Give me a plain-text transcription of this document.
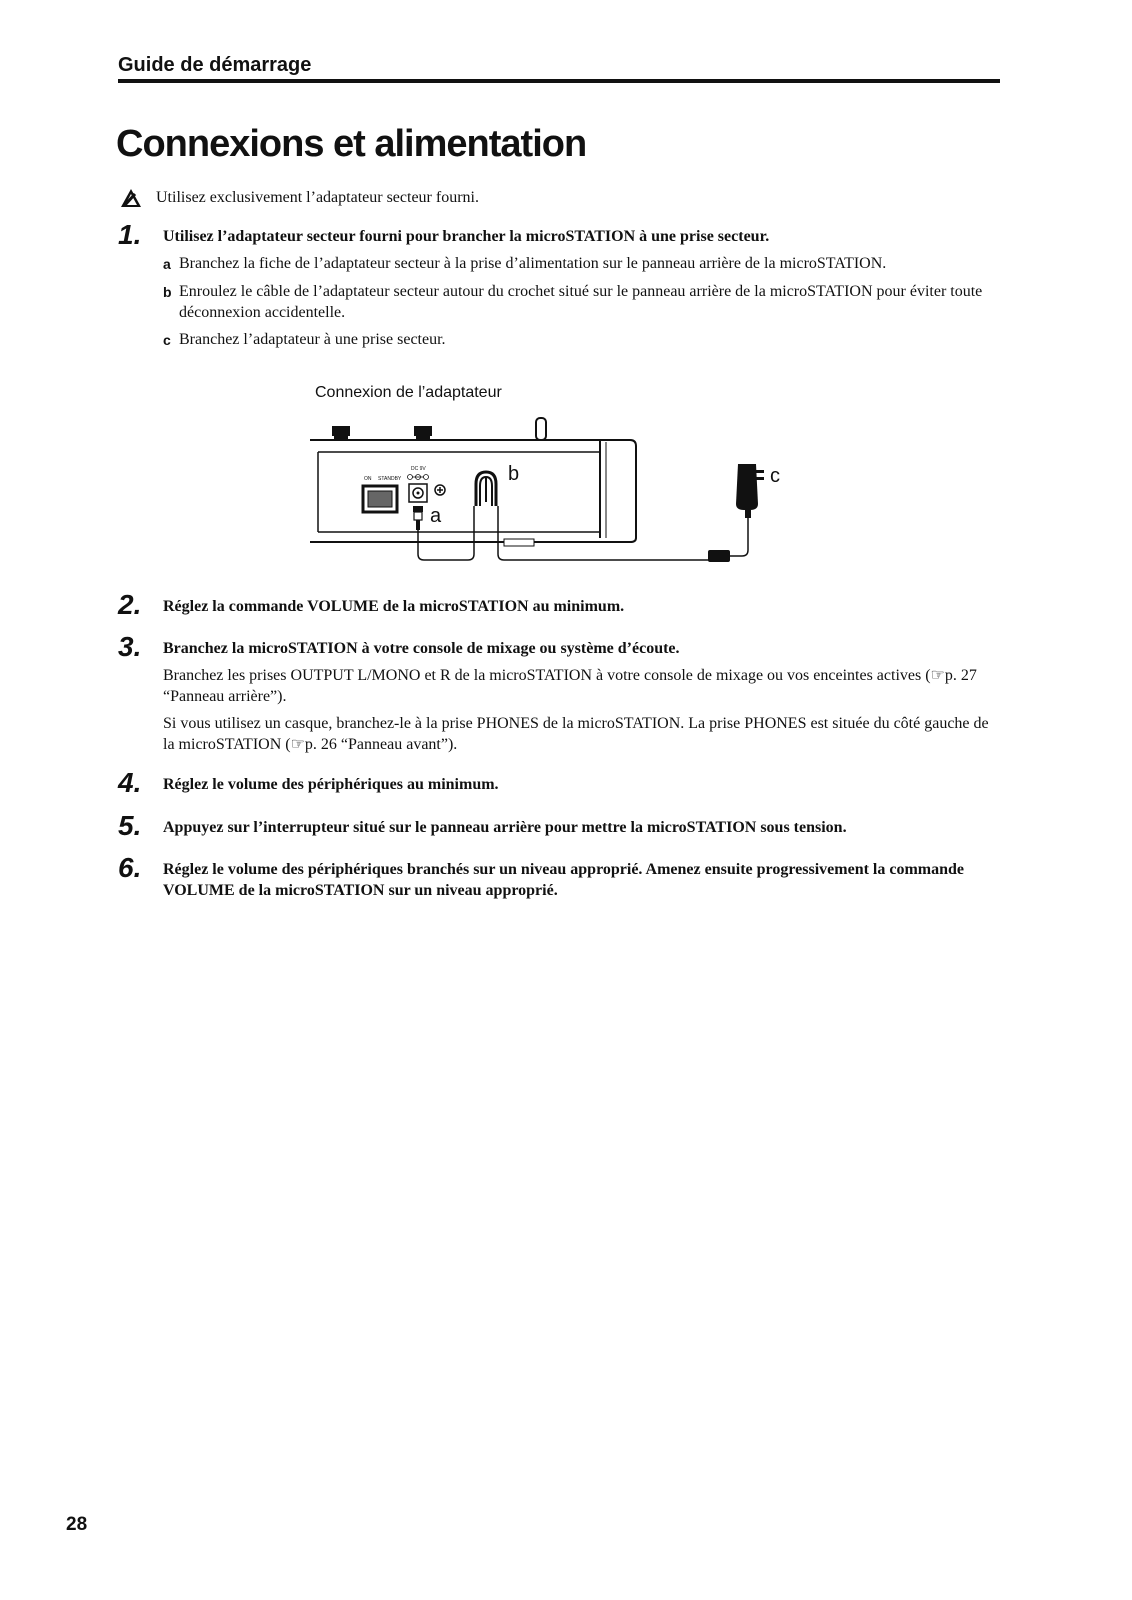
Guide de démarrage
Connexions et alimentation
Utilisez exclusivement l’adaptateur secteur fourni.
1.	Utilisez l’adaptateur secteur fourni pour brancher la microSTATION à une prise secteur.
a Branchez la fiche de l’adaptateur secteur à la prise d’alimentation sur le panneau arrière de la microSTATION.
b Enroulez le câble de l’adaptateur secteur autour du crochet situé sur le panneau arrière de la microSTATION pour éviter toute déconnexion accidentelle.
c Branchez l’adaptateur à une prise secteur.
Connexion de l’adaptateur
ON STANDBY
DC 9V
a
b	c
2.	Réglez la commande VOLUME de la microSTATION au minimum.
3.	Branchez la microSTATION à votre console de mixage ou système d’écoute.
Branchez les prises OUTPUT L/MONO et R de la microSTATION à votre console de mixage ou vos enceintes actives (☞p. 27 “Panneau arrière”).
Si vous utilisez un casque, branchez-le à la prise PHONES de la microSTATION. La prise PHONES est située du côté gauche de la microSTATION (☞p. 26 “Panneau avant”).
4.	Réglez le volume des périphériques au minimum.
5.	Appuyez sur l’interrupteur situé sur le panneau arrière pour mettre la microSTATION sous tension.
6.	Réglez le volume des périphériques branchés sur un niveau approprié. Amenez ensuite progressivement la commande VOLUME de la microSTATION sur un niveau approprié.
28
